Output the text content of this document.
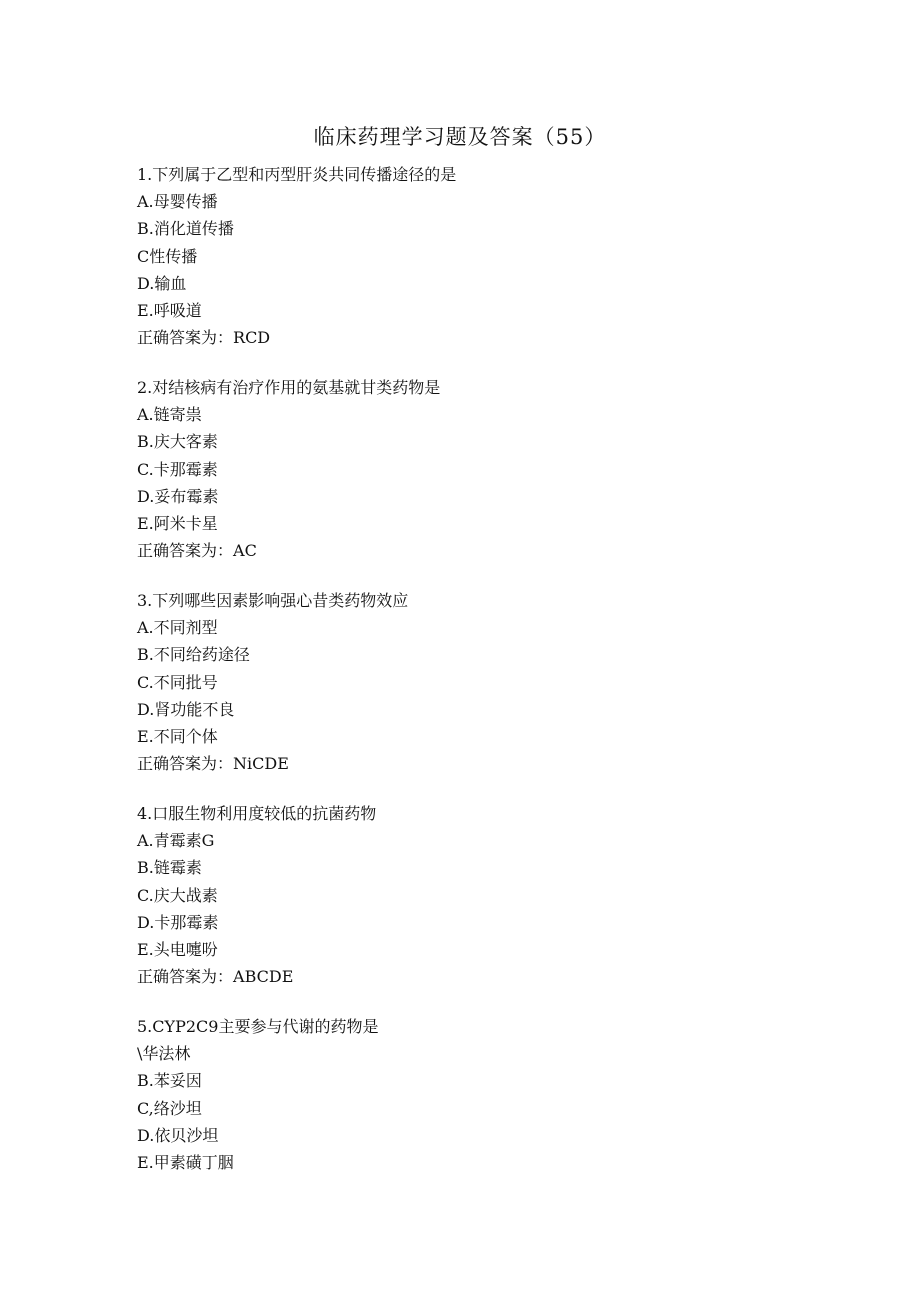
临床药理学习题及答案（55）
1.下列属于乙型和丙型肝炎共同传播途径的是
A.母婴传播
B.消化道传播
C性传播
D.输血
E.呼吸道
正确答案为：RCD
2.对结核病有治疗作用的氨基就甘类药物是
A.链寄祟
B.庆大客素
C.卡那霉素
D.妥布霉素
E.阿米卡星
正确答案为：AC
3.下列哪些因素影响强心昔类药物效应
A.不同剂型
B.不同给药途径
C.不同批号
D.肾功能不良
E.不同个体
正确答案为：NiCDE
4.口服生物利用度较低的抗菌药物
A.青霉素G
B.链霉素
C.庆大战素
D.卡那霉素
E.头电嚏吩
正确答案为：ABCDE
5.CYP2C9主要参与代谢的药物是
\华法林
B.苯妥因
C,络沙坦
D.依贝沙坦
E.甲素磺丁胭
